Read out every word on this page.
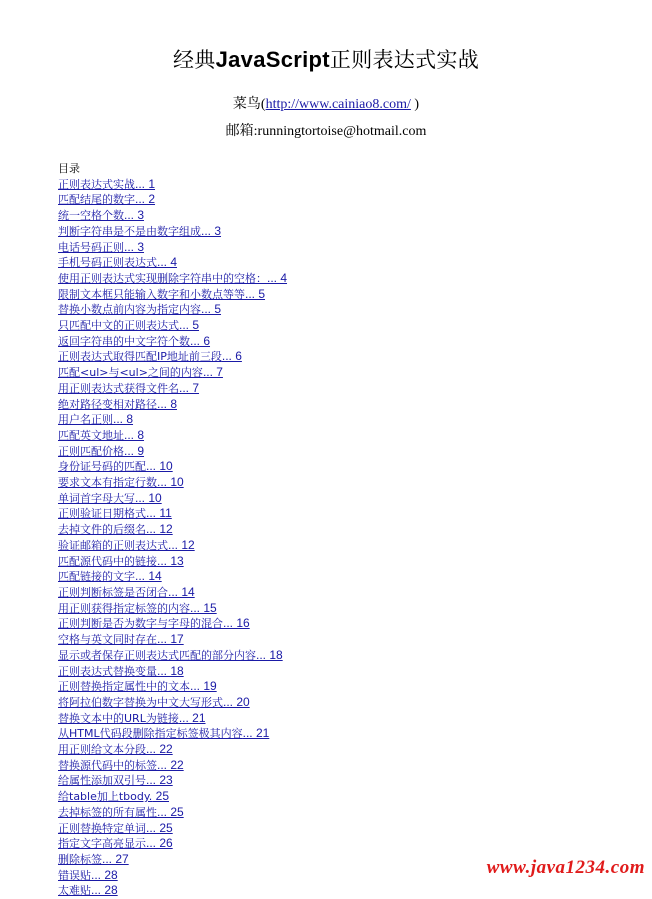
经典JavaScript正则表达式实战
菜鸟(http://www.cainiao8.com/ )
邮箱:runningtortoise@hotmail.com
目录
正则表达式实战... 1
匹配结尾的数字... 2
统一空格个数... 3
判断字符串是不是由数字组成... 3
电话号码正则... 3
手机号码正则表达式... 4
使用正则表达式实现删除字符串中的空格：... 4
限制文本框只能输入数字和小数点等等... 5
替换小数点前内容为指定内容... 5
只匹配中文的正则表达式... 5
返回字符串的中文字符个数... 6
正则表达式取得匹配IP地址前三段... 6
匹配<ul>与<ul>之间的内容... 7
用正则表达式获得文件名... 7
绝对路径变相对路径... 8
用户名正则... 8
匹配英文地址... 8
正则匹配价格... 9
身份证号码的匹配... 10
要求文本有指定行数... 10
单词首字母大写... 10
正则验证日期格式... 11
去掉文件的后缀名... 12
验证邮箱的正则表达式... 12
匹配源代码中的链接... 13
匹配链接的文字... 14
正则判断标签是否闭合... 14
用正则获得指定标签的内容... 15
正则判断是否为数字与字母的混合... 16
空格与英文同时存在... 17
显示或者保存正则表达式匹配的部分内容... 18
正则表达式替换变量... 18
正则替换指定属性中的文本... 19
将阿拉伯数字替换为中文大写形式... 20
替换文本中的URL为链接... 21
从HTML代码段删除指定标签极其内容... 21
用正则给文本分段... 22
替换源代码中的标签... 22
给属性添加双引号... 23
给table加上tbody. 25
去掉标签的所有属性... 25
正则替换特定单词... 25
指定文字高亮显示... 26
删除标签... 27
错误贴... 28
太难贴... 28
www.java1234.com
